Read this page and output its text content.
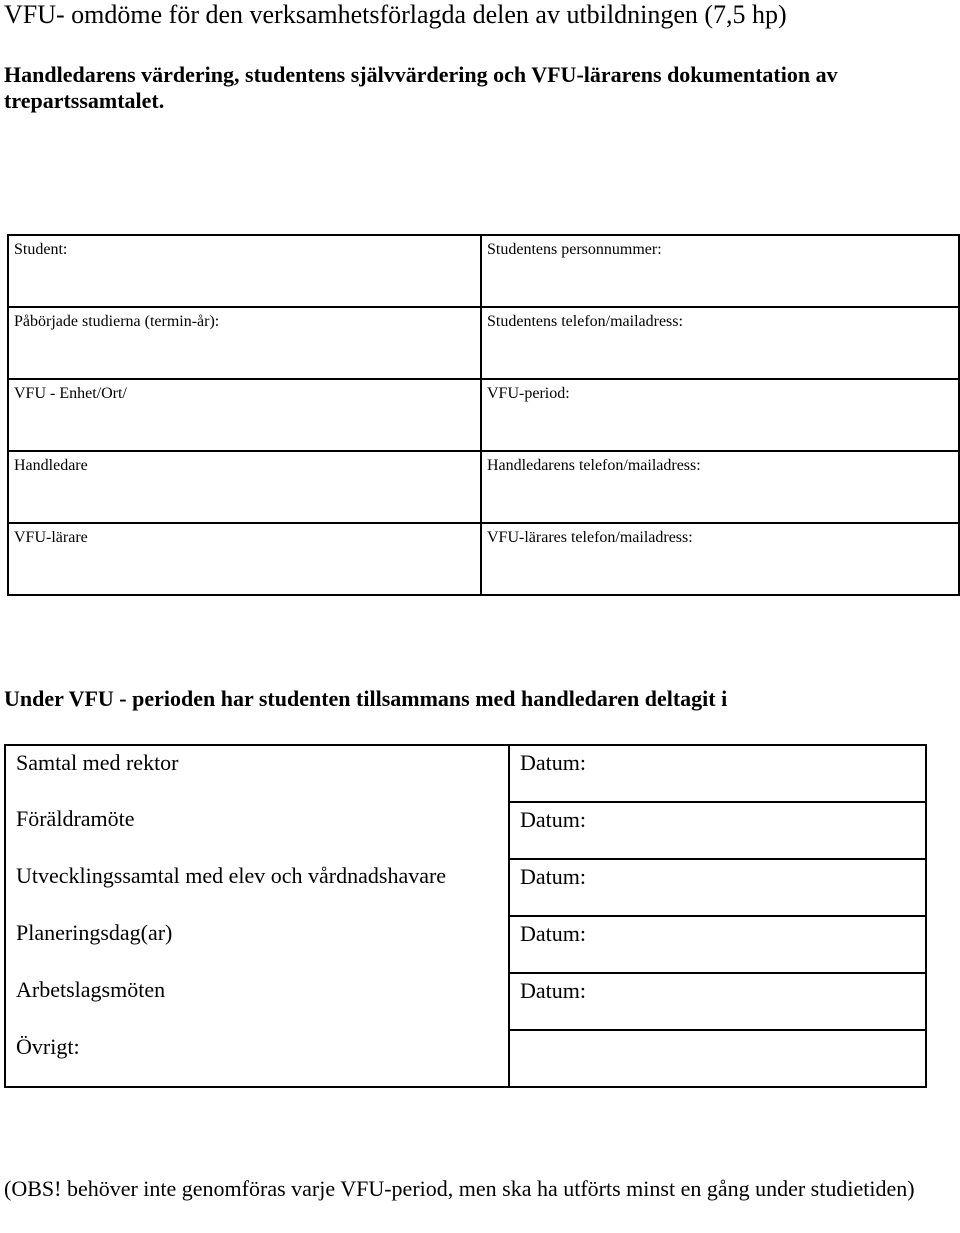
VFU- omdöme för den verksamhetsförlagda delen av utbildningen (7,5 hp)

Handledarens värdering, studentens självvärdering och VFU-lärarens dokumentation av trepartssamtalet.

Student:	Studentens personnummer:
Påbörjade studierna (termin-år):	Studentens telefon/mailadress:
VFU - Enhet/Ort/	VFU-period:
Handledare	Handledarens telefon/mailadress:
VFU-lärare	VFU-lärares telefon/mailadress:
Under VFU - perioden har studenten tillsammans med handledaren deltagit i
Samtal med rektor	Datum:
Föräldramöte	Datum:
Utvecklingssamtal med elev och vårdnadshavare	Datum:
Planeringsdag(ar)	Datum:
Arbetslagsmöten	Datum:
Övrigt:	

(OBS! behöver inte genomföras varje VFU-period, men ska ha utförts minst en gång under studietiden)
